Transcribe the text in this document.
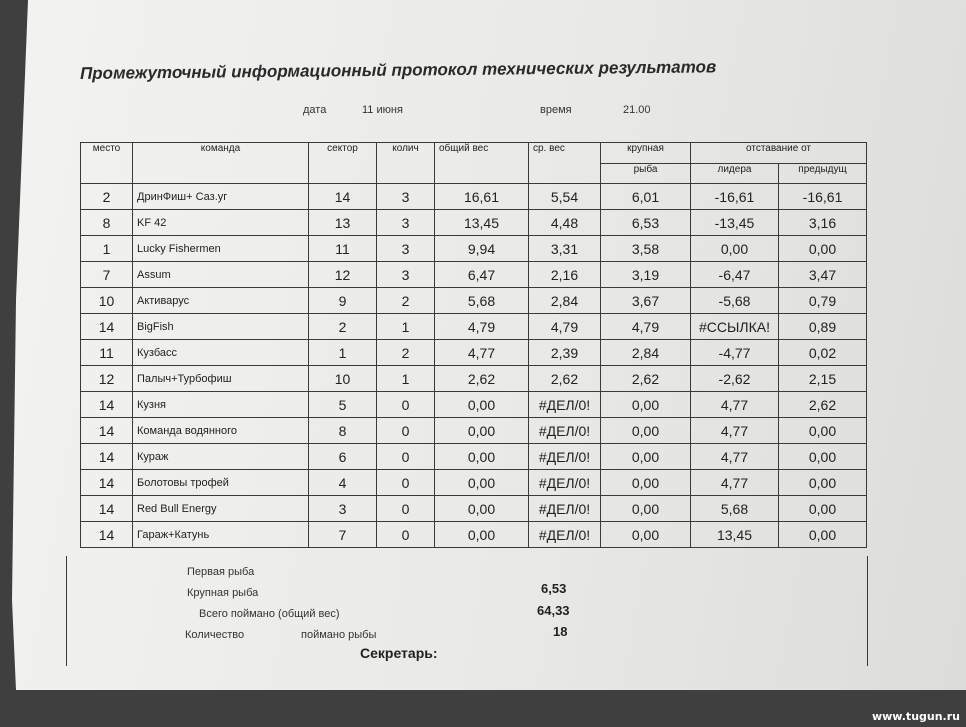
Промежуточный информационный протокол технических результатов
дата	11 июня	время	21.00
место	команда	сектор	колич	общий вес	ср. вес	крупная	отставание от	
						рыба	лидера	предыдущ
2	ДринФиш+ Саз.уг	14	3	16,61	5,54	6,01	-16,61	-16,61
8	KF 42	13	3	13,45	4,48	6,53	-13,45	3,16
1	Lucky Fishermen	11	3	9,94	3,31	3,58	0,00	0,00
7	Assum	12	3	6,47	2,16	3,19	-6,47	3,47
10	Активарус	9	2	5,68	2,84	3,67	-5,68	0,79
14	BigFish	2	1	4,79	4,79	4,79	#ССЫЛКА!	0,89
11	Кузбасс	1	2	4,77	2,39	2,84	-4,77	0,02
12	Палыч+Турбофиш	10	1	2,62	2,62	2,62	-2,62	2,15
14	Кузня	5	0	0,00	#ДЕЛ/0!	0,00	4,77	2,62
14	Команда водянного	8	0	0,00	#ДЕЛ/0!	0,00	4,77	0,00
14	Кураж	6	0	0,00	#ДЕЛ/0!	0,00	4,77	0,00
14	Болотовы трофей	4	0	0,00	#ДЕЛ/0!	0,00	4,77	0,00
14	Red Bull Energy	3	0	0,00	#ДЕЛ/0!	0,00	5,68	0,00
14	Гараж+Катунь	7	0	0,00	#ДЕЛ/0!	0,00	13,45	0,00
Первая рыба
Крупная рыба	6,53
Всего поймано (общий вес)	64,33
Количество	поймано рыбы	18
Секретарь:
www.tugun.ru
